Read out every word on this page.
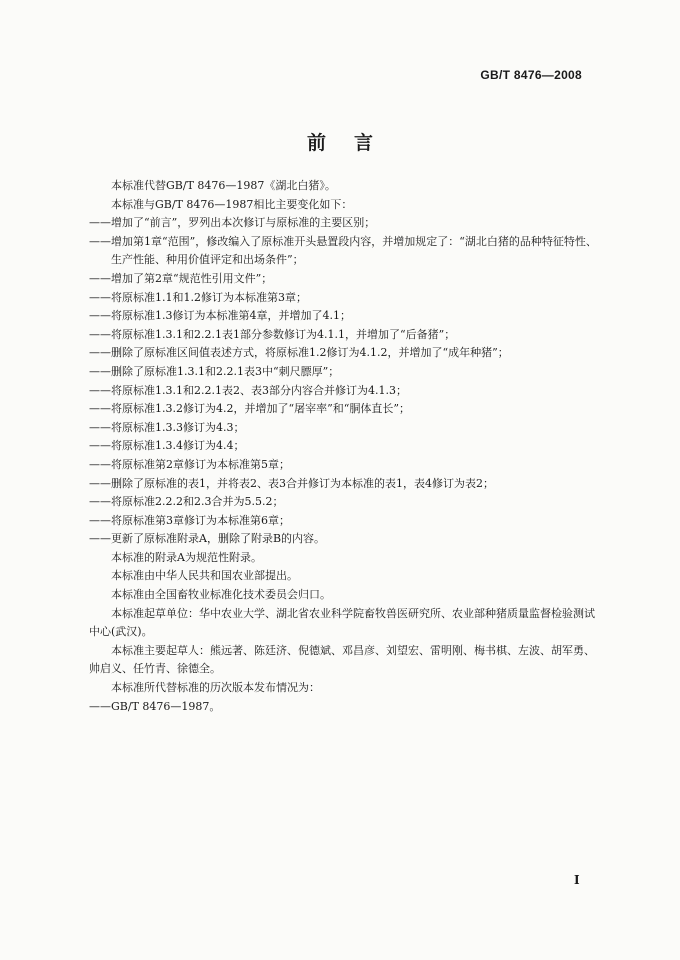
GB/T 8476—2008
前言

本标准代替GB/T 8476—1987《湖北白猪》。

本标准与GB/T 8476—1987相比主要变化如下：

——增加了“前言”，罗列出本次修订与原标准的主要区别；

——增加第1章“范围”，修改编入了原标准开头悬置段内容，并增加规定了：“湖北白猪的品种特征特性、生产性能、种用价值评定和出场条件”；

——增加了第2章“规范性引用文件”；

——将原标准1.1和1.2修订为本标准第3章；

——将原标准1.3修订为本标准第4章，并增加了4.1；

——将原标准1.3.1和2.2.1表1部分参数修订为4.1.1，并增加了“后备猪”；

——删除了原标准区间值表述方式，将原标准1.2修订为4.1.2，并增加了“成年种猪”；

——删除了原标准1.3.1和2.2.1表3中“刺尺膘厚”；

——将原标准1.3.1和2.2.1表2、表3部分内容合并修订为4.1.3；

——将原标准1.3.2修订为4.2，并增加了“屠宰率”和“胴体直长”；

——将原标准1.3.3修订为4.3；

——将原标准1.3.4修订为4.4；

——将原标准第2章修订为本标准第5章；

——删除了原标准的表1，并将表2、表3合并修订为本标准的表1，表4修订为表2；

——将原标准2.2.2和2.3合并为5.5.2；

——将原标准第3章修订为本标准第6章；

——更新了原标准附录A，删除了附录B的内容。

本标准的附录A为规范性附录。

本标准由中华人民共和国农业部提出。

本标准由全国畜牧业标准化技术委员会归口。

本标准起草单位：华中农业大学、湖北省农业科学院畜牧兽医研究所、农业部种猪质量监督检验测试中心(武汉)。

本标准主要起草人：熊远著、陈廷济、倪德斌、邓昌彦、刘望宏、雷明刚、梅书棋、左波、胡军勇、帅启义、任竹青、徐德全。

本标准所代替标准的历次版本发布情况为：

——GB/T 8476—1987。

I
